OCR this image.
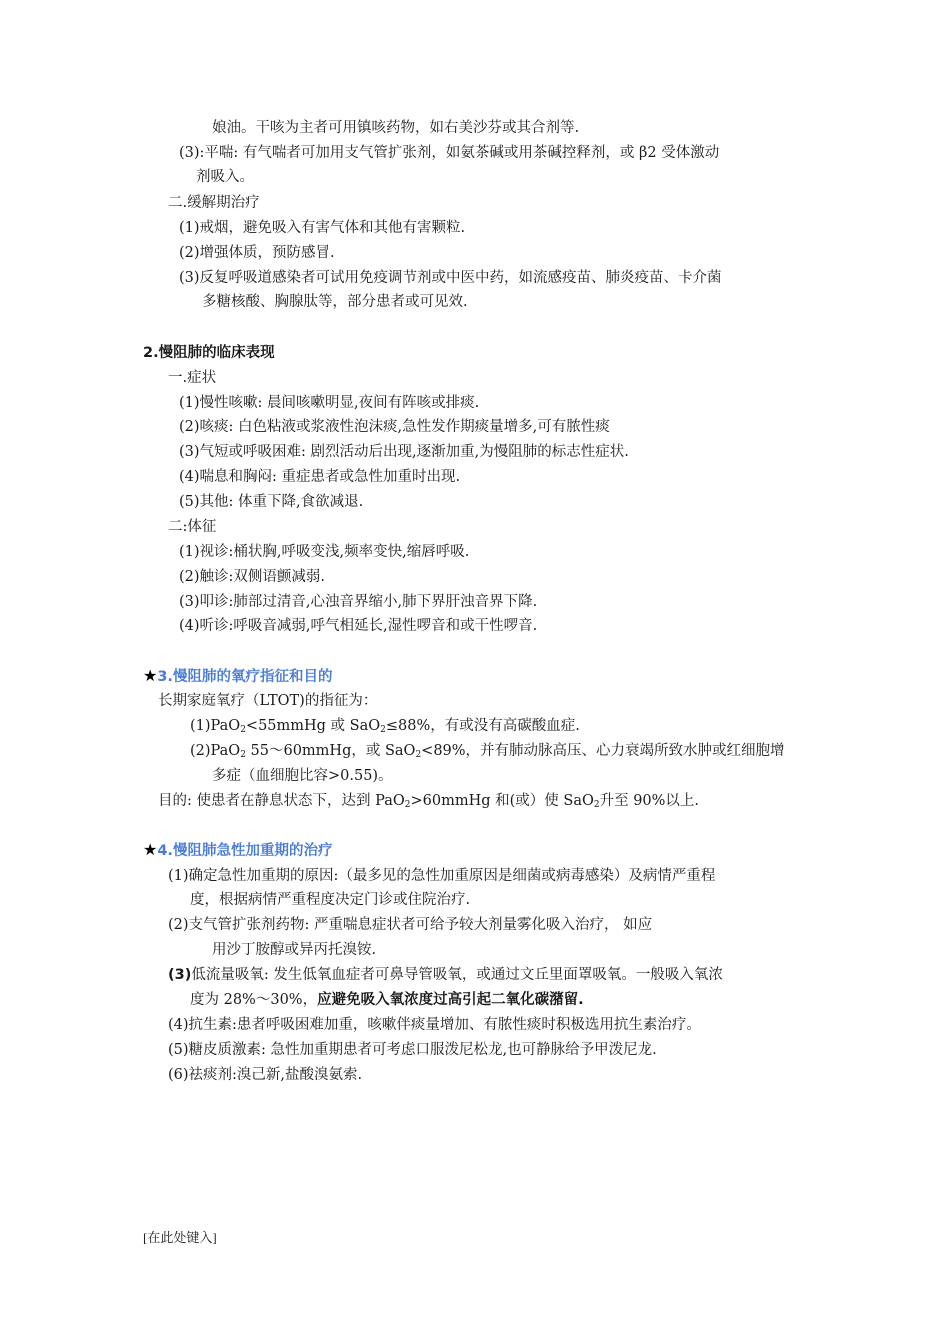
娘油。干咳为主者可用镇咳药物，如右美沙芬或其合剂等.
(3):平喘: 有气喘者可加用支气管扩张剂，如氨茶碱或用茶碱控释剂，或 β2 受体激动
剂吸入。
二.缓解期治疗
(1)戒烟，避免吸入有害气体和其他有害颗粒.
(2)增强体质，预防感冒.
(3)反复呼吸道感染者可试用免疫调节剂或中医中药，如流感疫苗、肺炎疫苗、卡介菌
多糖核酸、胸腺肽等，部分患者或可见效.
2.慢阻肺的临床表现
一.症状
(1)慢性咳嗽: 晨间咳嗽明显,夜间有阵咳或排痰.
(2)咳痰: 白色粘液或浆液性泡沫痰,急性发作期痰量增多,可有脓性痰
(3)气短或呼吸困难: 剧烈活动后出现,逐渐加重,为慢阻肺的标志性症状.
(4)喘息和胸闷: 重症患者或急性加重时出现.
(5)其他: 体重下降,食欲减退.
二:体征
(1)视诊:桶状胸,呼吸变浅,频率变快,缩唇呼吸.
(2)触诊:双侧语颤减弱.
(3)叩诊:肺部过清音,心浊音界缩小,肺下界肝浊音界下降.
(4)听诊:呼吸音减弱,呼气相延长,湿性啰音和或干性啰音.
★3.慢阻肺的氧疗指征和目的
长期家庭氧疗（LTOT)的指征为：
(1)PaO$_2$<55mmHg 或 SaO$_2$≤88%，有或没有高碳酸血症.
(2)PaO$_2$ 55～60mmHg，或 SaO$_2$<89%，并有肺动脉高压、心力衰竭所致水肿或红细胞增
多症（血细胞比容>0.55)。
目的: 使患者在静息状态下，达到 PaO$_2$>60mmHg 和(或）使 SaO$_2$升至 90%以上.
★4.慢阻肺急性加重期的治疗
(1)确定急性加重期的原因:（最多见的急性加重原因是细菌或病毒感染）及病情严重程
度，根据病情严重程度决定门诊或住院治疗.
(2)支气管扩张剂药物: 严重喘息症状者可给予较大剂量雾化吸入治疗， 如应
用沙丁胺醇或异丙托溴铵.
(3)低流量吸氧: 发生低氧血症者可鼻导管吸氧，或通过文丘里面罩吸氧。一般吸入氧浓
度为 28%～30%，应避免吸入氧浓度过高引起二氧化碳潴留.
(4)抗生素:患者呼吸困难加重，咳嗽伴痰量增加、有脓性痰时积极选用抗生素治疗。
(5)糖皮质激素: 急性加重期患者可考虑口服泼尼松龙,也可静脉给予甲泼尼龙.
(6)祛痰剂:溴己新,盐酸溴氨索.
[在此处键入]
